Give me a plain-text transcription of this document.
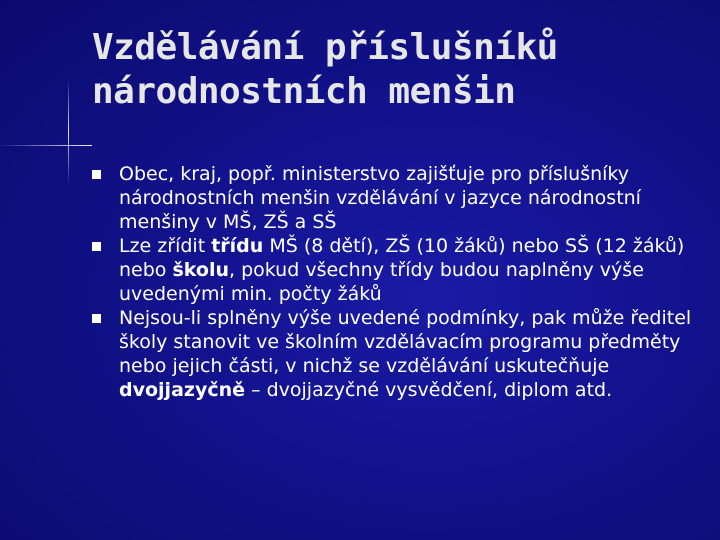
Vzdělávání příslušníků
národnostních menšin
Obec, kraj, popř. ministerstvo zajišťuje pro příslušníky národnostních menšin vzdělávání v jazyce národnostní menšiny v MŠ, ZŠ a SŠ
Lze zřídit třídu MŠ (8 dětí), ZŠ (10 žáků) nebo SŠ (12 žáků) nebo školu, pokud všechny třídy budou naplněny výše uvedenými min. počty žáků
Nejsou-li splněny výše uvedené podmínky, pak může ředitel školy stanovit ve školním vzdělávacím programu předměty nebo jejich části, v nichž se vzdělávání uskutečňuje dvojjazyčně – dvojjazyčné vysvědčení, diplom atd.
